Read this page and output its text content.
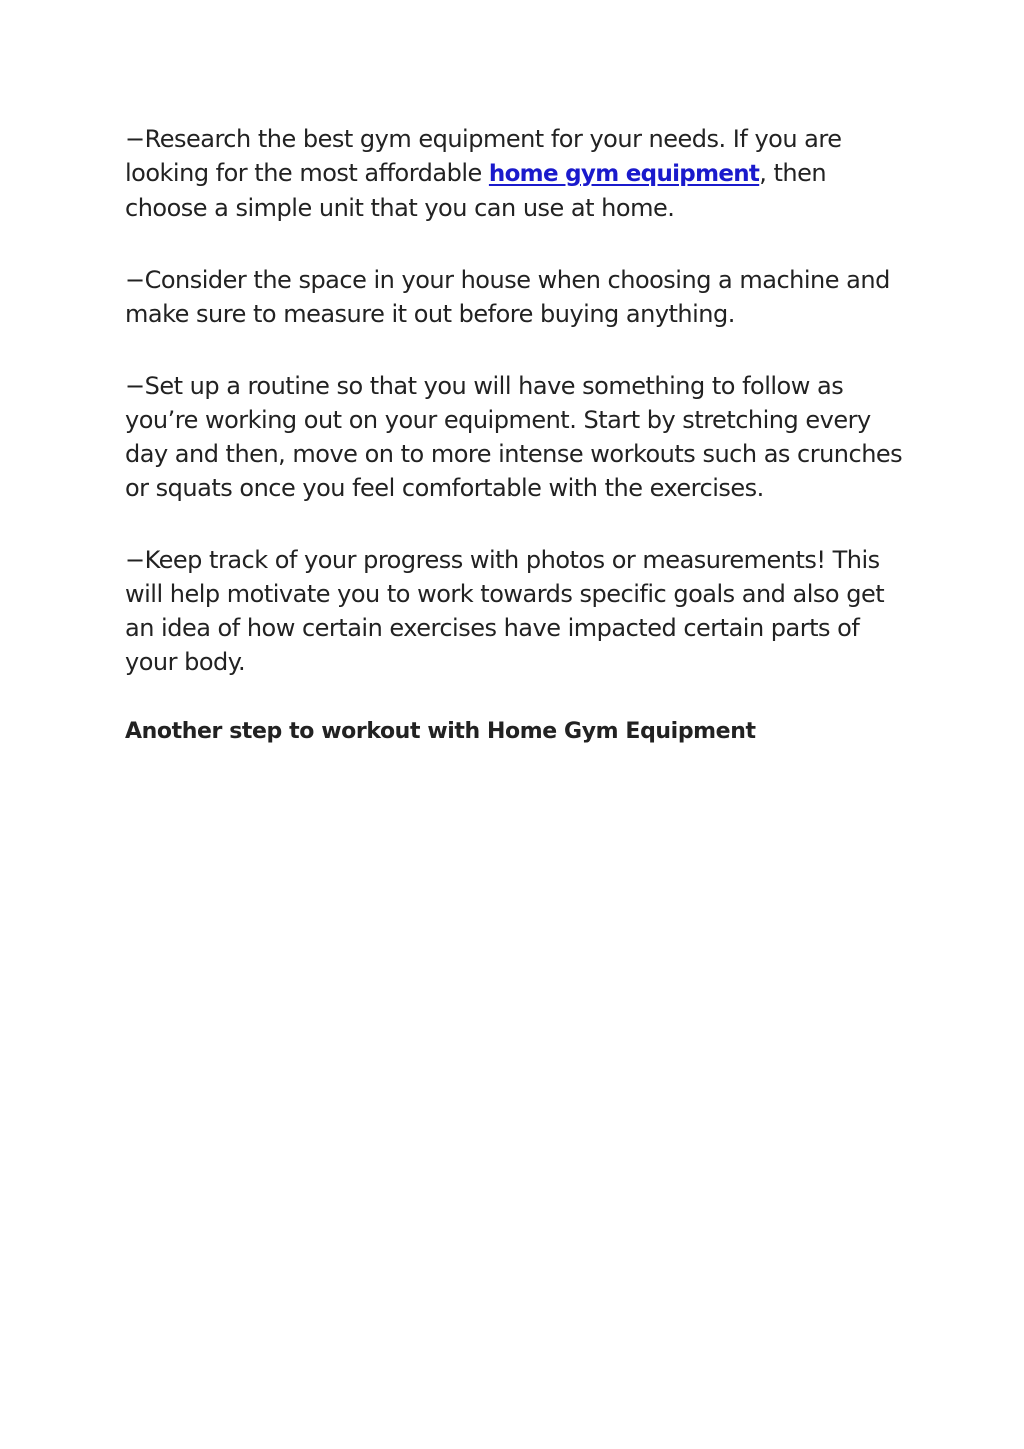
−Research the best gym equipment for your needs. If you are looking for the most affordable home gym equipment, then choose a simple unit that you can use at home.

−Consider the space in your house when choosing a machine and make sure to measure it out before buying anything.

−Set up a routine so that you will have something to follow as you’re working out on your equipment. Start by stretching every day and then, move on to more intense workouts such as crunches or squats once you feel comfortable with the exercises.

−Keep track of your progress with photos or measurements! This will help motivate you to work towards specific goals and also get an idea of how certain exercises have impacted certain parts of your body.

Another step to workout with Home Gym Equipment
